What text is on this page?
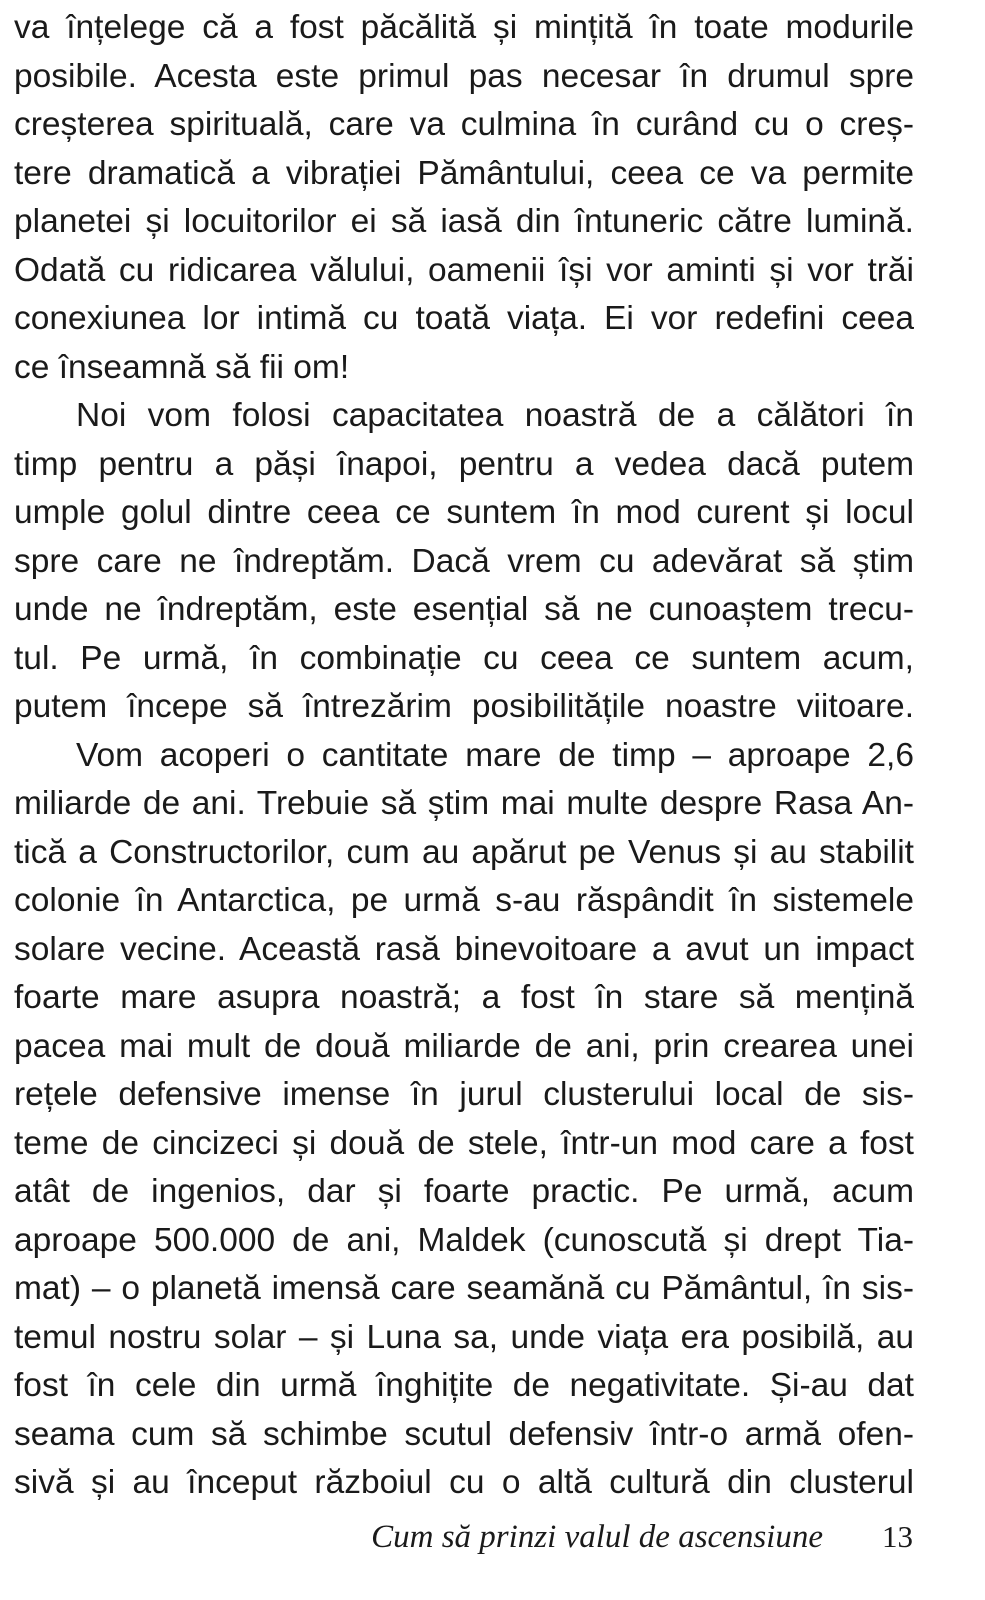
va înțelege că a fost păcălită și mințită în toate modurile
posibile. Acesta este primul pas necesar în drumul spre
creșterea spirituală, care va culmina în curând cu o creș-
tere dramatică a vibrației Pământului, ceea ce va permite
planetei și locuitorilor ei să iasă din întuneric către lumină.
Odată cu ridicarea vălului, oamenii își vor aminti și vor trăi
conexiunea lor intimă cu toată viața. Ei vor redefini ceea
ce înseamnă să fii om!
Noi vom folosi capacitatea noastră de a călători în
timp pentru a păși înapoi, pentru a vedea dacă putem
umple golul dintre ceea ce suntem în mod curent și locul
spre care ne îndreptăm. Dacă vrem cu adevărat să știm
unde ne îndreptăm, este esențial să ne cunoaștem trecu-
tul. Pe urmă, în combinație cu ceea ce suntem acum,
putem începe să întrezărim posibilitățile noastre viitoare.
Vom acoperi o cantitate mare de timp – aproape 2,6
miliarde de ani. Trebuie să știm mai multe despre Rasa An-
tică a Constructorilor, cum au apărut pe Venus și au stabilit
colonie în Antarctica, pe urmă s-au răspândit în sistemele
solare vecine. Această rasă binevoitoare a avut un impact
foarte mare asupra noastră; a fost în stare să mențină
pacea mai mult de două miliarde de ani, prin crearea unei
rețele defensive imense în jurul clusterului local de sis-
teme de cincizeci și două de stele, într-un mod care a fost
atât de ingenios, dar și foarte practic. Pe urmă, acum
aproape 500.000 de ani, Maldek (cunoscută și drept Tia-
mat) – o planetă imensă care seamănă cu Pământul, în sis-
temul nostru solar – și Luna sa, unde viața era posibilă, au
fost în cele din urmă înghițite de negativitate. Și-au dat
seama cum să schimbe scutul defensiv într-o armă ofen-
sivă și au început războiul cu o altă cultură din clusterul
Cum să prinzi valul de ascensiune 13
